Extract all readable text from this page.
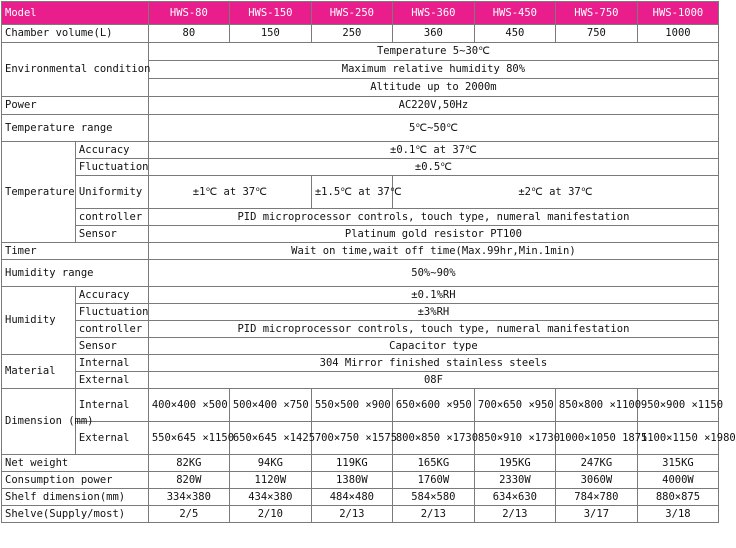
Model		HWS-80	HWS-150	HWS-250	HWS-360	HWS-450	HWS-750	HWS-1000
Chamber volume(L)		80	150	250	360	450	750	1000
Environmental condition		Temperature 5~30℃						
		Maximum relative humidity 80%						
		Altitude up to 2000m						
Power		AC220V,50Hz						
Temperature range		5℃~50℃						
Temperature	Accuracy	±0.1℃ at 37℃						
	Fluctuation	±0.5℃						
	Uniformity	±1℃ at 37℃		±1.5℃ at 37℃	±2℃ at 37℃			
	controller	PID microprocessor controls, touch type, numeral manifestation						
	Sensor	Platinum gold resistor PT100						
Timer		Wait on time,wait off time(Max.99hr,Min.1min)						
Humidity range		50%~90%						
Humidity	Accuracy	±0.1%RH						
	Fluctuation	±3%RH						
	controller	PID microprocessor controls, touch type, numeral manifestation						
	Sensor	Capacitor type						
Material	Internal	304 Mirror finished stainless steels						
	External	08F						
Dimension (mm)	Internal	400×400 ×500	500×400 ×750	550×500 ×900	650×600 ×950	700×650 ×950	850×800 ×1100	950×900 ×1150
	External	550×645 ×1150	650×645 ×1425	700×750 ×1575	800×850 ×1730	850×910 ×1730	1000×1050 1875	1100×1150 ×1980
Net weight		82KG	94KG	119KG	165KG	195KG	247KG	315KG
Consumption power		820W	1120W	1380W	1760W	2330W	3060W	4000W
Shelf dimension(mm)		334×380	434×380	484×480	584×580	634×630	784×780	880×875
Shelve(Supply/most)		2/5	2/10	2/13	2/13	2/13	3/17	3/18
